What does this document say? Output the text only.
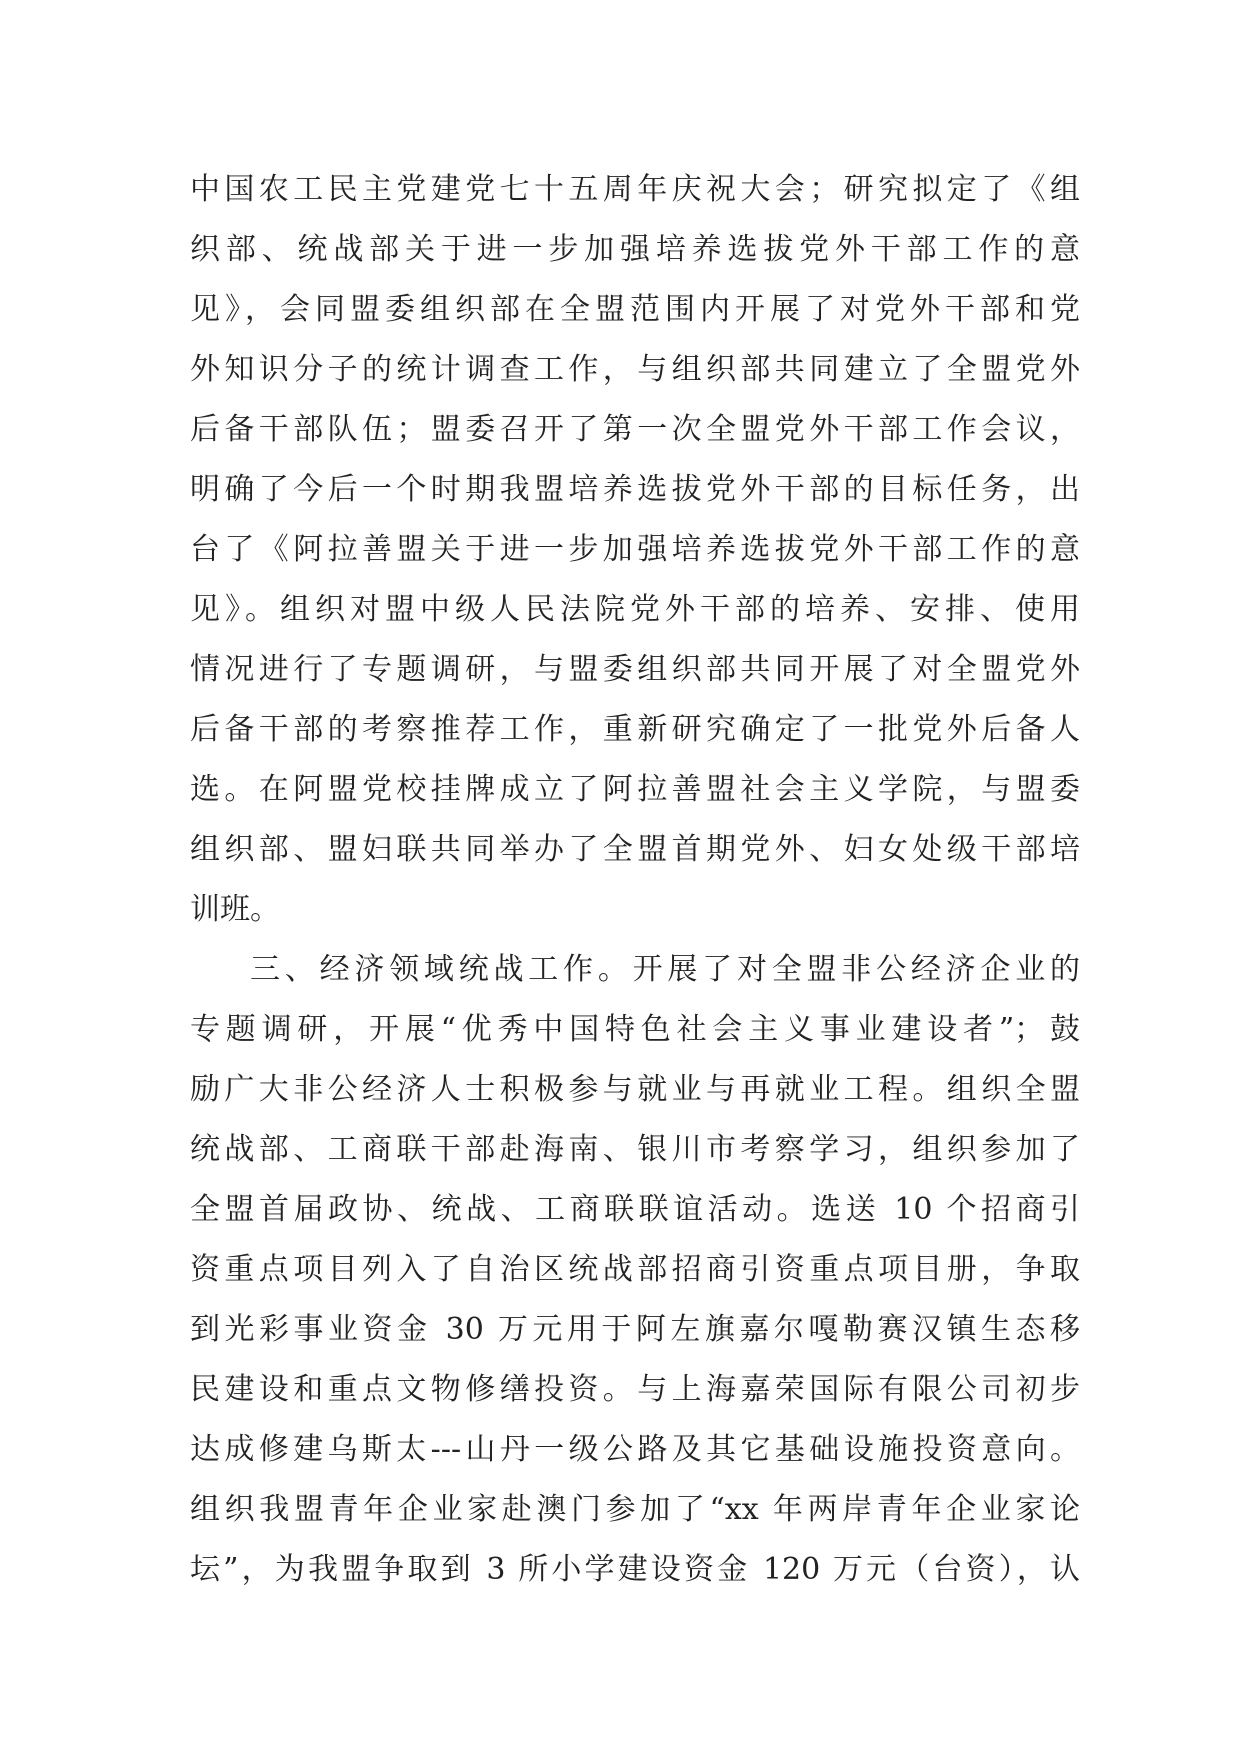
中国农工民主党建党七十五周年庆祝大会；研究拟定了《组
织部、统战部关于进一步加强培养选拔党外干部工作的意
见》，会同盟委组织部在全盟范围内开展了对党外干部和党
外知识分子的统计调查工作，与组织部共同建立了全盟党外
后备干部队伍；盟委召开了第一次全盟党外干部工作会议，
明确了今后一个时期我盟培养选拔党外干部的目标任务，出
台了《阿拉善盟关于进一步加强培养选拔党外干部工作的意
见》。组织对盟中级人民法院党外干部的培养、安排、使用
情况进行了专题调研，与盟委组织部共同开展了对全盟党外
后备干部的考察推荐工作，重新研究确定了一批党外后备人
选。在阿盟党校挂牌成立了阿拉善盟社会主义学院，与盟委
组织部、盟妇联共同举办了全盟首期党外、妇女处级干部培
训班。
三、经济领域统战工作。开展了对全盟非公经济企业的
专题调研，开展“优秀中国特色社会主义事业建设者”；鼓
励广大非公经济人士积极参与就业与再就业工程。组织全盟
统战部、工商联干部赴海南、银川市考察学习，组织参加了
全盟首届政协、统战、工商联联谊活动。选送 10 个招商引
资重点项目列入了自治区统战部招商引资重点项目册，争取
到光彩事业资金 30 万元用于阿左旗嘉尔嘎勒赛汉镇生态移
民建设和重点文物修缮投资。与上海嘉荣国际有限公司初步
达成修建乌斯太---山丹一级公路及其它基础设施投资意向。
组织我盟青年企业家赴澳门参加了“xx 年两岸青年企业家论
坛”，为我盟争取到 3 所小学建设资金 120 万元（台资），认
